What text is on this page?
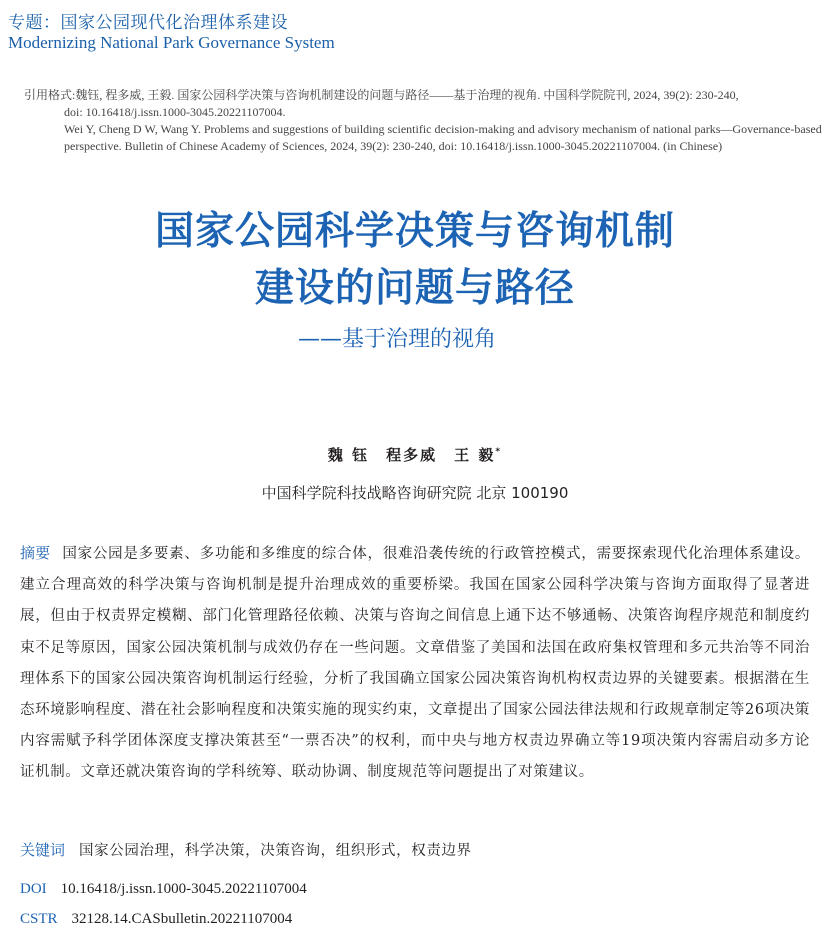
专题：国家公园现代化治理体系建设
Modernizing National Park Governance System
引用格式:魏钰, 程多威, 王毅. 国家公园科学决策与咨询机制建设的问题与路径——基于治理的视角. 中国科学院院刊, 2024, 39(2): 230-240,
doi: 10.16418/j.issn.1000-3045.20221107004.
Wei Y, Cheng D W, Wang Y. Problems and suggestions of building scientific decision-making and advisory mechanism of national parks—Governance-based perspective. Bulletin of Chinese Academy of Sciences, 2024, 39(2): 230-240, doi: 10.16418/j.issn.1000-3045.20221107004. (in Chinese)
国家公园科学决策与咨询机制
建设的问题与路径
——基于治理的视角
魏 钰　程多威　王 毅*
中国科学院科技战略咨询研究院 北京 100190
摘要 国家公园是多要素、多功能和多维度的综合体，很难沿袭传统的行政管控模式，需要探索现代化治理体系建设。建立合理高效的科学决策与咨询机制是提升治理成效的重要桥梁。我国在国家公园科学决策与咨询方面取得了显著进展，但由于权责界定模糊、部门化管理路径依赖、决策与咨询之间信息上通下达不够通畅、决策咨询程序规范和制度约束不足等原因，国家公园决策机制与成效仍存在一些问题。文章借鉴了美国和法国在政府集权管理和多元共治等不同治理体系下的国家公园决策咨询机制运行经验，分析了我国确立国家公园决策咨询机构权责边界的关键要素。根据潜在生态环境影响程度、潜在社会影响程度和决策实施的现实约束，文章提出了国家公园法律法规和行政规章制定等26项决策内容需赋予科学团体深度支撑决策甚至“一票否决”的权利，而中央与地方权责边界确立等19项决策内容需启动多方论证机制。文章还就决策咨询的学科统筹、联动协调、制度规范等问题提出了对策建议。
关键词 国家公园治理，科学决策，决策咨询，组织形式，权责边界
DOI 10.16418/j.issn.1000-3045.20221107004
CSTR 32128.14.CASbulletin.20221107004
